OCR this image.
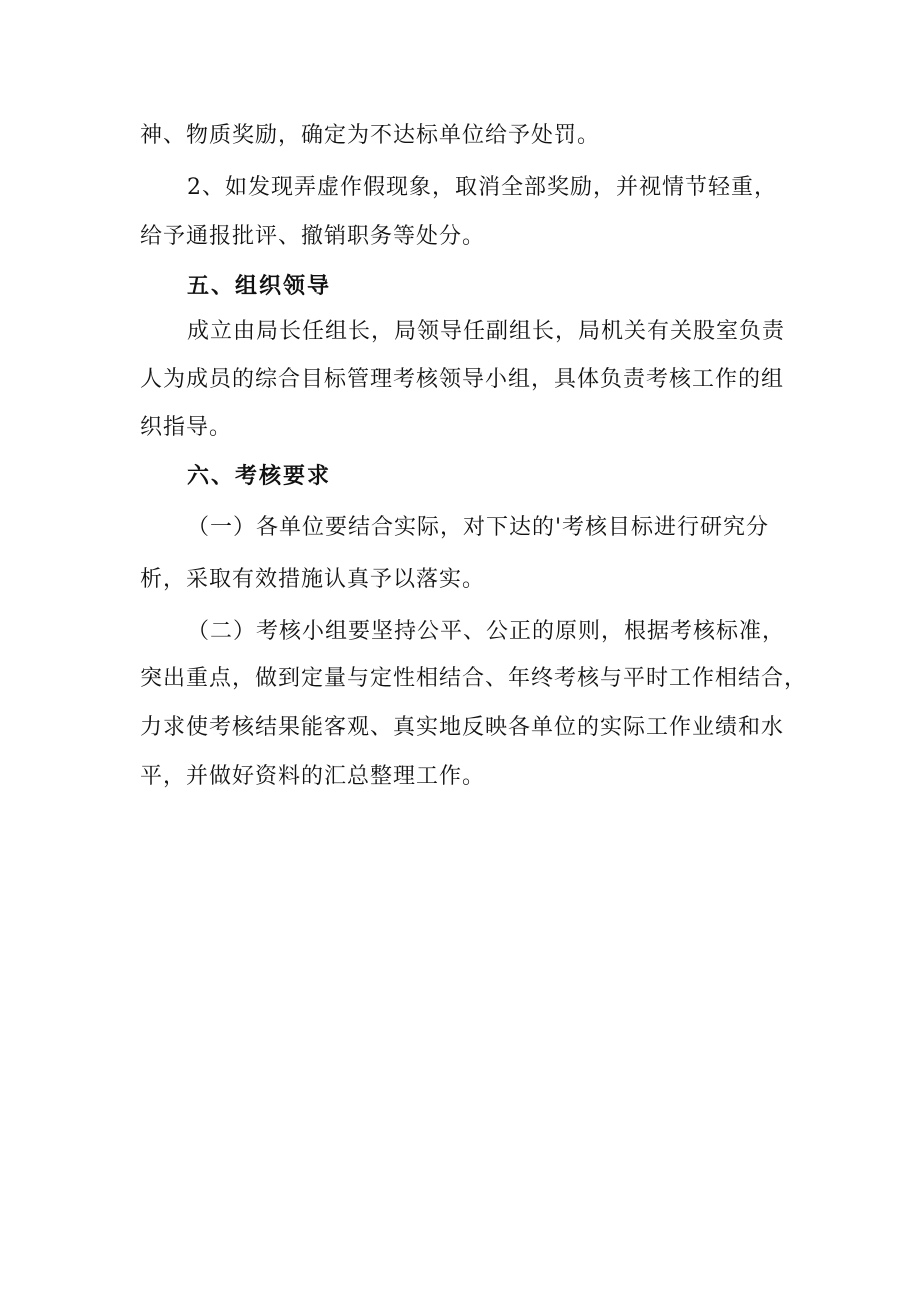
神、物质奖励，确定为不达标单位给予处罚。
2、如发现弄虚作假现象，取消全部奖励，并视情节轻重，
给予通报批评、撤销职务等处分。
五、组织领导
成立由局长任组长，局领导任副组长，局机关有关股室负责
人为成员的综合目标管理考核领导小组，具体负责考核工作的组
织指导。
六、考核要求
（一）各单位要结合实际，对下达的'考核目标进行研究分
析，采取有效措施认真予以落实。
（二）考核小组要坚持公平、公正的原则，根据考核标准，
突出重点，做到定量与定性相结合、年终考核与平时工作相结合，
力求使考核结果能客观、真实地反映各单位的实际工作业绩和水
平，并做好资料的汇总整理工作。
